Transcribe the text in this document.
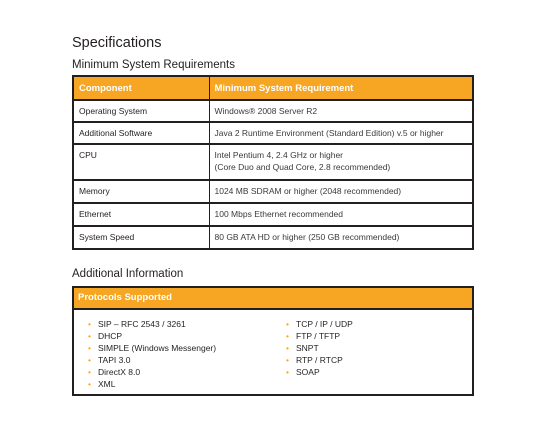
Specifications
Minimum System Requirements
Component	Minimum System Requirement
Operating System	Windows® 2008 Server R2
Additional Software	Java 2 Runtime Environment (Standard Edition) v.5 or higher
CPU	Intel Pentium 4, 2.4 GHz or higher
(Core Duo and Quad Core, 2.8 recommended)

Memory	1024 MB SDRAM or higher (2048 recommended)
Ethernet	100 Mbps Ethernet recommended
System Speed	80 GB ATA HD or higher (250 GB recommended)
Additional Information
Protocols Supported
• SIP – RFC 2543 / 3261
• DHCP
• SIMPLE (Windows Messenger)
• TAPI 3.0
• DirectX 8.0
• XML
• TCP / IP / UDP
• FTP / TFTP
• SNPT
• RTP / RTCP
• SOAP
